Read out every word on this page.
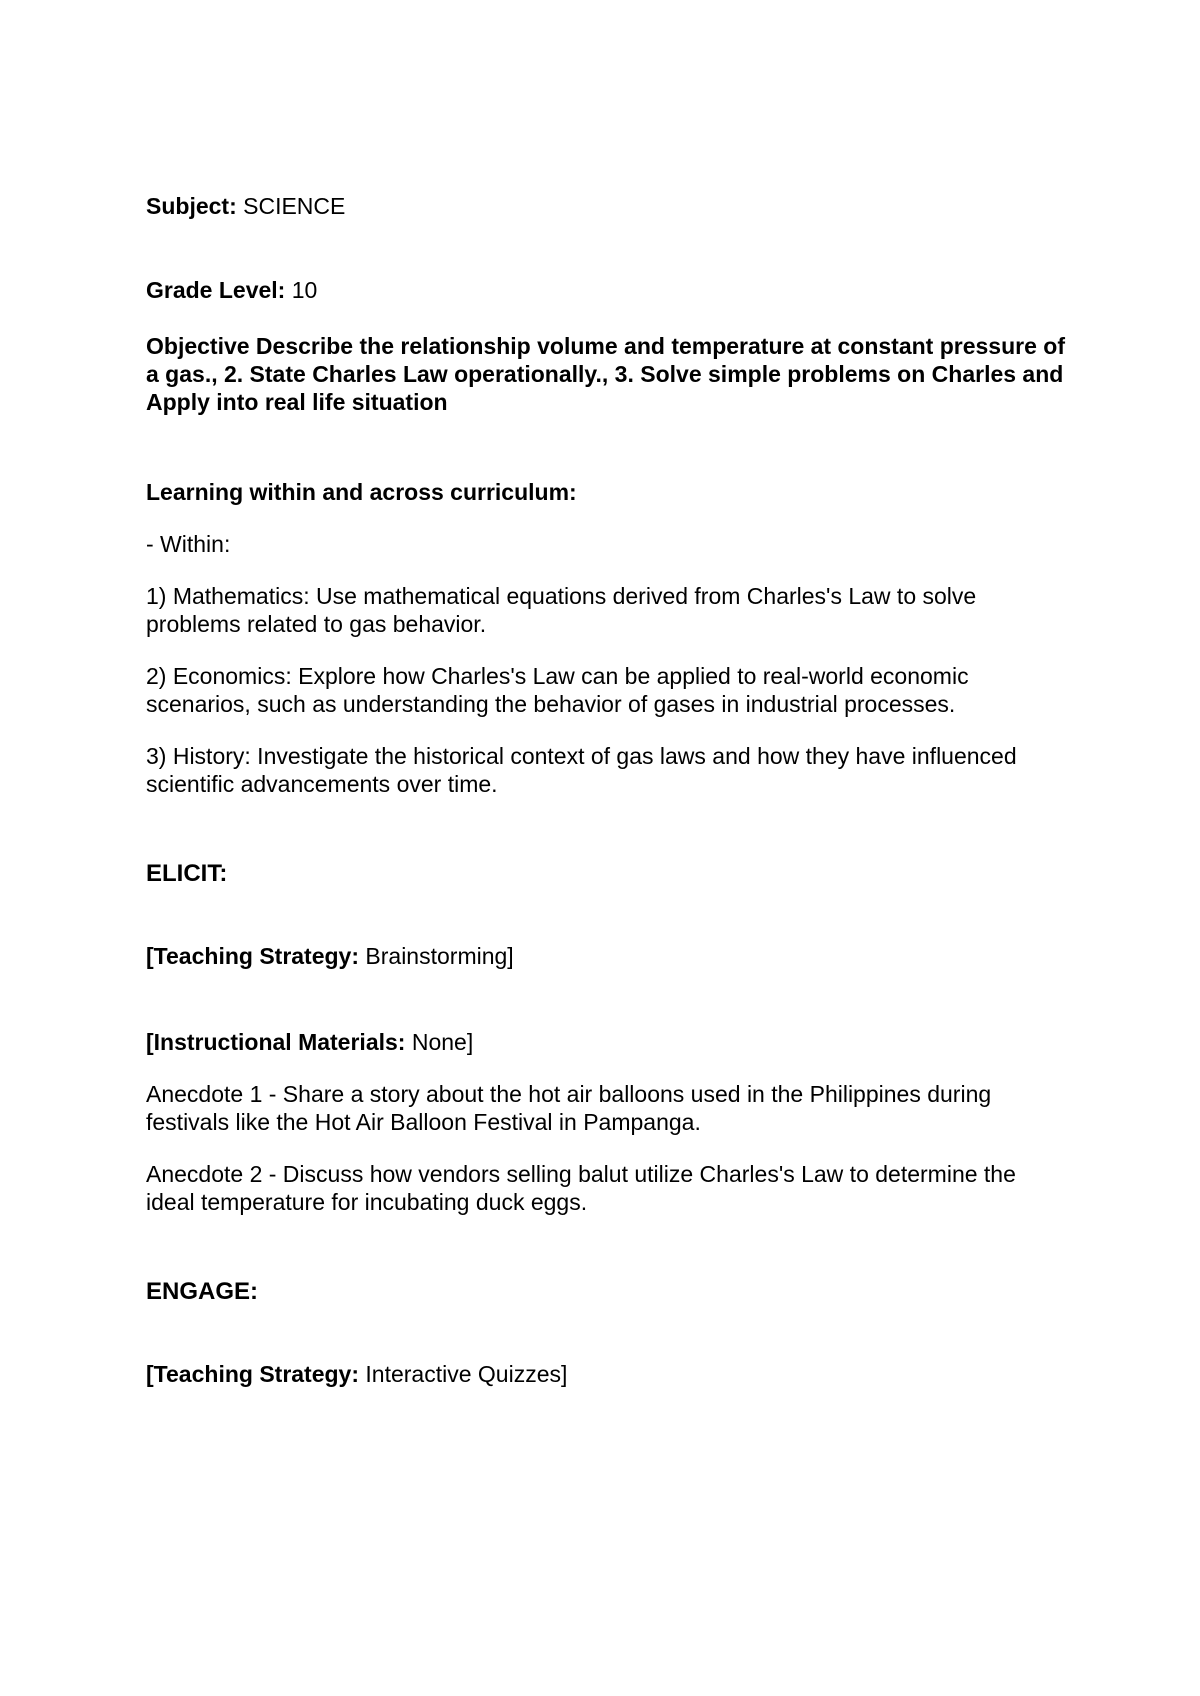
Subject: SCIENCE

Grade Level: 10

Objective Describe the relationship volume and temperature at constant pressure of a gas., 2. State Charles Law operationally., 3. Solve simple problems on Charles and Apply into real life situation

Learning within and across curriculum:

- Within:

1) Mathematics: Use mathematical equations derived from Charles's Law to solve problems related to gas behavior.

2) Economics: Explore how Charles's Law can be applied to real-world economic scenarios, such as understanding the behavior of gases in industrial processes.

3) History: Investigate the historical context of gas laws and how they have influenced scientific advancements over time.

ELICIT:

[Teaching Strategy: Brainstorming]

[Instructional Materials: None]

Anecdote 1 - Share a story about the hot air balloons used in the Philippines during festivals like the Hot Air Balloon Festival in Pampanga.

Anecdote 2 - Discuss how vendors selling balut utilize Charles's Law to determine the ideal temperature for incubating duck eggs.

ENGAGE:

[Teaching Strategy: Interactive Quizzes]
